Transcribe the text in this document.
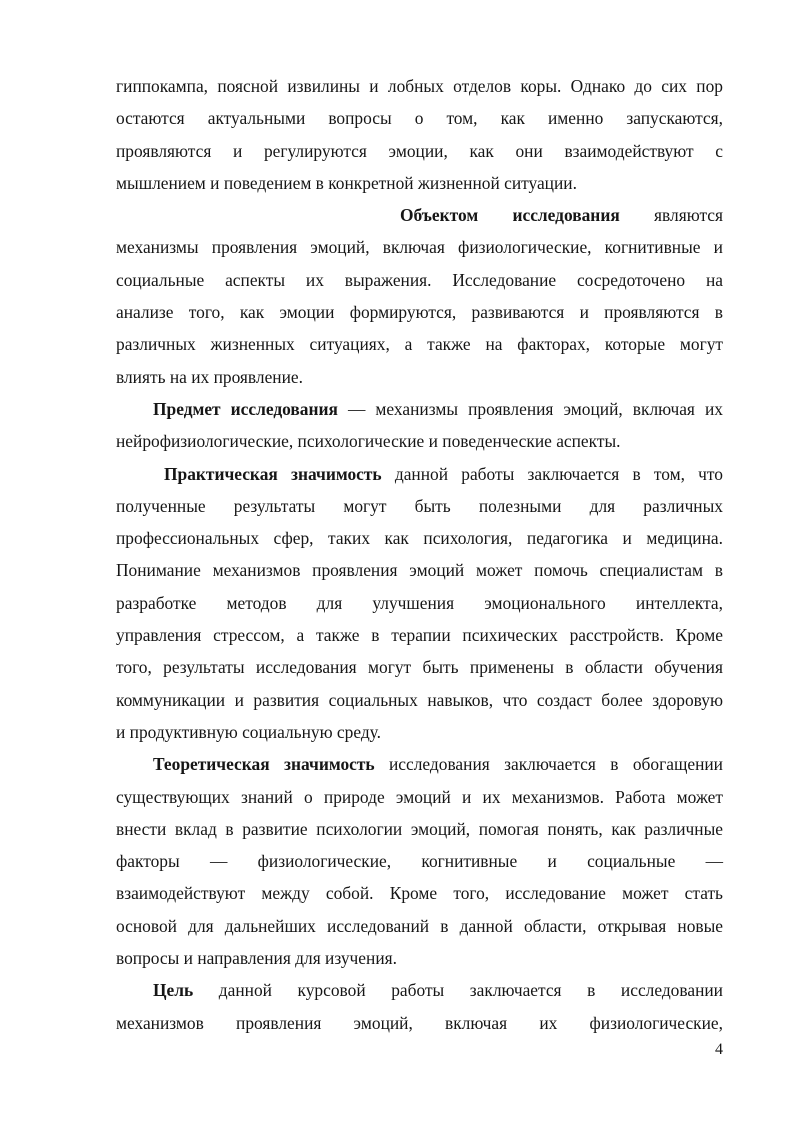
гиппокампа, поясной извилины и лобных отделов коры. Однако до сих пор
остаются актуальными вопросы о том, как именно запускаются,
проявляются и регулируются эмоции, как они взаимодействуют с
мышлением и поведением в конкретной жизненной ситуации.
Объектом исследования являются
механизмы проявления эмоций, включая физиологические, когнитивные и
социальные аспекты их выражения. Исследование сосредоточено на
анализе того, как эмоции формируются, развиваются и проявляются в
различных жизненных ситуациях, а также на факторах, которые могут
влиять на их проявление.
Предмет исследования — механизмы проявления эмоций, включая их
нейрофизиологические, психологические и поведенческие аспекты.
Практическая значимость данной работы заключается в том, что
полученные результаты могут быть полезными для различных
профессиональных сфер, таких как психология, педагогика и медицина.
Понимание механизмов проявления эмоций может помочь специалистам в
разработке методов для улучшения эмоционального интеллекта,
управления стрессом, а также в терапии психических расстройств. Кроме
того, результаты исследования могут быть применены в области обучения
коммуникации и развития социальных навыков, что создаст более здоровую
и продуктивную социальную среду.
Теоретическая значимость исследования заключается в обогащении
существующих знаний о природе эмоций и их механизмов. Работа может
внести вклад в развитие психологии эмоций, помогая понять, как различные
факторы — физиологические, когнитивные и социальные —
взаимодействуют между собой. Кроме того, исследование может стать
основой для дальнейших исследований в данной области, открывая новые
вопросы и направления для изучения.
Цель данной курсовой работы заключается в исследовании
механизмов проявления эмоций, включая их физиологические,
4
